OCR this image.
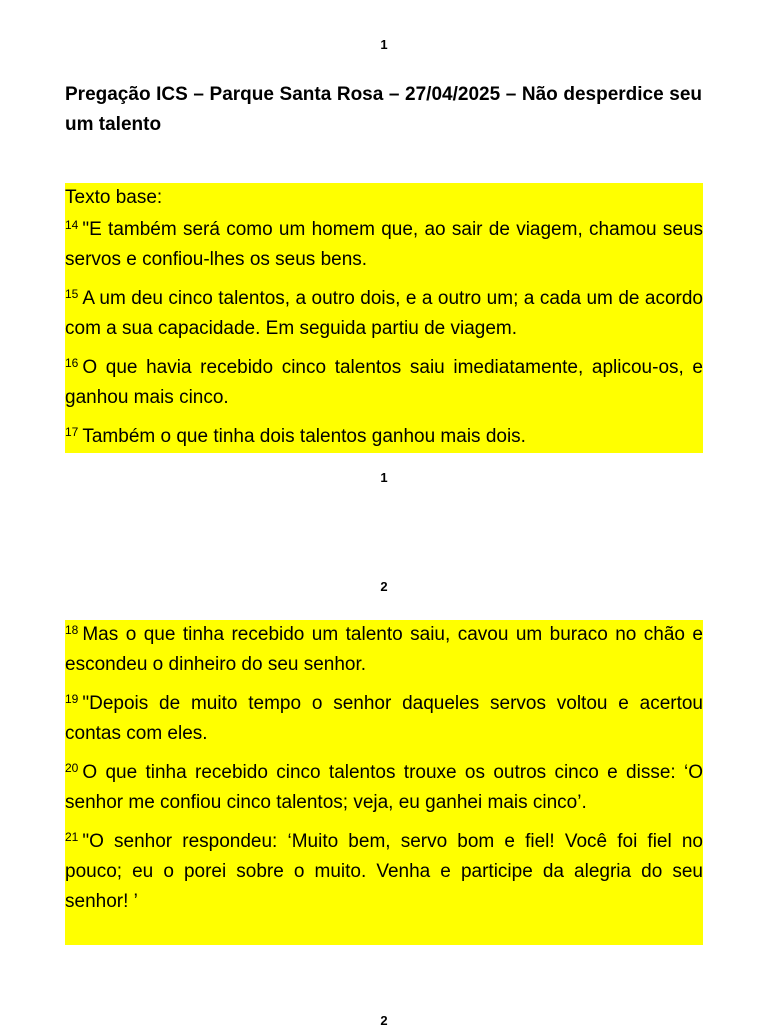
1
Pregação ICS – Parque Santa Rosa – 27/04/2025 – Não desperdice seu um talento
Texto base:
$^{14}$ "E também será como um homem que, ao sair de viagem, chamou seus servos e confiou-lhes os seus bens.
$^{15}$ A um deu cinco talentos, a outro dois, e a outro um; a cada um de acordo com a sua capacidade. Em seguida partiu de viagem.
$^{16}$ O que havia recebido cinco talentos saiu imediatamente, aplicou-os, e ganhou mais cinco.
$^{17}$ Também o que tinha dois talentos ganhou mais dois.
1
2
$^{18}$ Mas o que tinha recebido um talento saiu, cavou um buraco no chão e escondeu o dinheiro do seu senhor.
$^{19}$ "Depois de muito tempo o senhor daqueles servos voltou e acertou contas com eles.
$^{20}$ O que tinha recebido cinco talentos trouxe os outros cinco e disse: ‘O senhor me confiou cinco talentos; veja, eu ganhei mais cinco’.
$^{21}$ "O senhor respondeu: ‘Muito bem, servo bom e fiel! Você foi fiel no pouco; eu o porei sobre o muito. Venha e participe da alegria do seu senhor! ’
2
